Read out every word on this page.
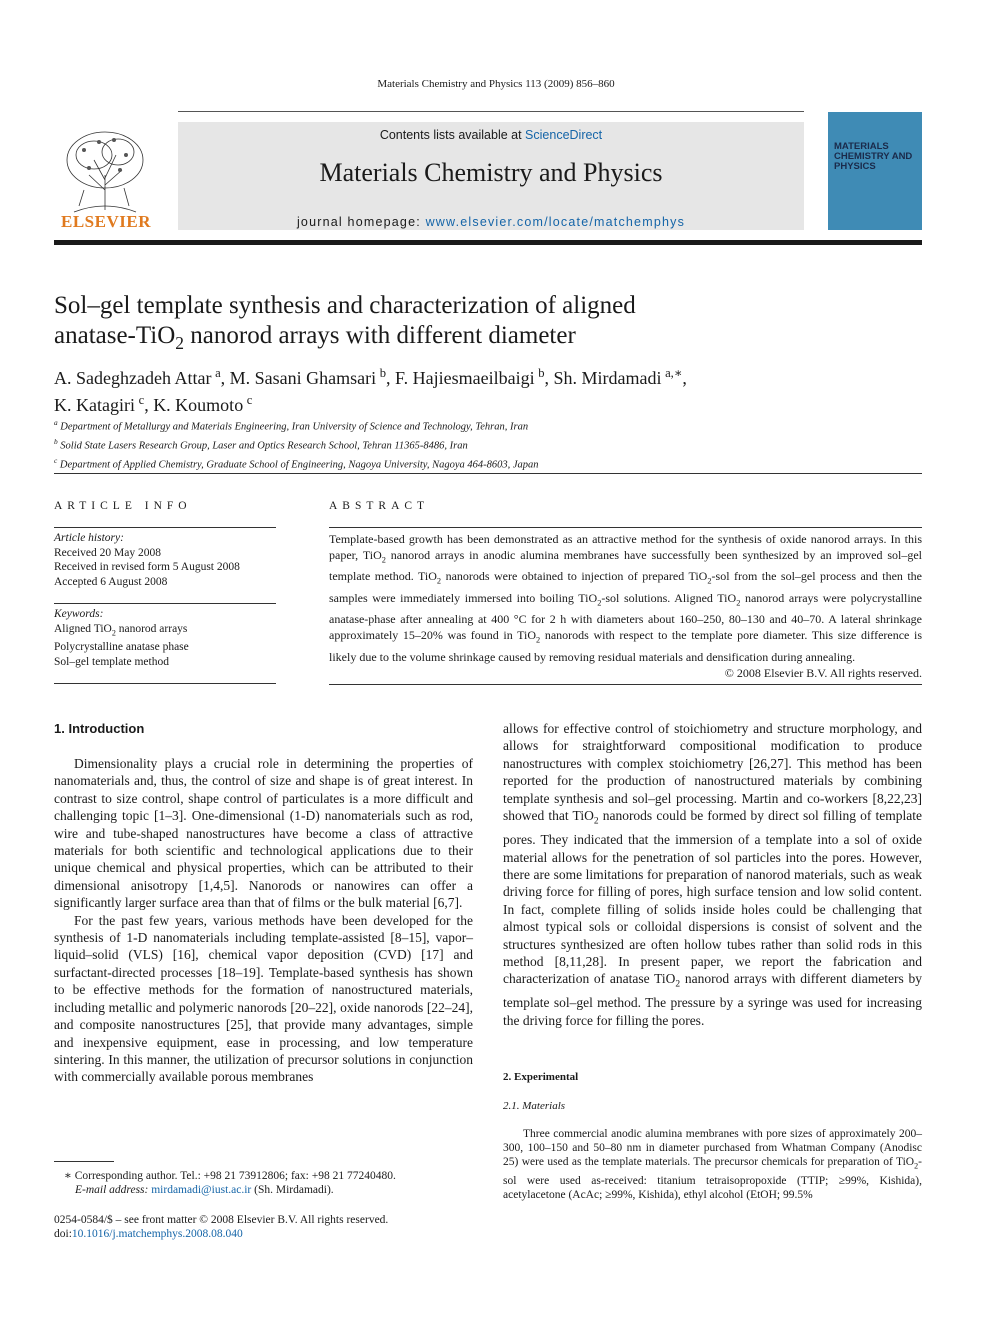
Materials Chemistry and Physics 113 (2009) 856–860
ELSEVIER
Contents lists available at ScienceDirect
Materials Chemistry and Physics
journal homepage: www.elsevier.com/locate/matchemphys
MATERIALS CHEMISTRY AND PHYSICS
Sol–gel template synthesis and characterization of aligned
anatase-TiO$_2$ nanorod arrays with different diameter
A. Sadeghzadeh Attar  $^a$, M. Sasani Ghamsari  $^b$, F. Hajiesmaeilbaigi  $^b$, Sh. Mirdamadi  $^{a,∗}$,
K. Katagiri  $^c$, K. Koumoto  $^c$
$^a$ Department of Metallurgy and Materials Engineering, Iran University of Science and Technology, Tehran, Iran
$^b$ Solid State Lasers Research Group, Laser and Optics Research School, Tehran 11365-8486, Iran
$^c$ Department of Applied Chemistry, Graduate School of Engineering, Nagoya University, Nagoya 464-8603, Japan
ARTICLE INFO
Article history:
Received 20 May 2008
Received in revised form 5 August 2008
Accepted 6 August 2008
Keywords:
Aligned TiO$_2$ nanorod arrays
Polycrystalline anatase phase
Sol–gel template method
ABSTRACT
Template-based growth has been demonstrated as an attractive method for the synthesis of oxide nanorod arrays. In this paper, TiO$_2$ nanorod arrays in anodic alumina membranes have successfully been synthesized by an improved sol–gel template method. TiO$_2$ nanorods were obtained to injection of prepared TiO$_2$-sol from the sol–gel process and then the samples were immediately immersed into boiling TiO$_2$-sol solutions. Aligned TiO$_2$ nanorod arrays were polycrystalline anatase-phase after annealing at 400 °C for 2 h with diameters about 160–250, 80–130 and 40–70. A lateral shrinkage approximately 15–20% was found in TiO$_2$ nanorods with respect to the template pore diameter. This size difference is likely due to the volume shrinkage caused by removing residual materials and densification during annealing.
© 2008 Elsevier B.V. All rights reserved.
1. Introduction

Dimensionality plays a crucial role in determining the properties of nanomaterials and, thus, the control of size and shape is of great interest. In contrast to size control, shape control of particulates is a more difficult and challenging topic [1–3]. One-dimensional (1-D) nanomaterials such as rod, wire and tube-shaped nanostructures have become a class of attractive materials for both scientific and technological applications due to their unique chemical and physical properties, which can be attributed to their dimensional anisotropy [1,4,5]. Nanorods or nanowires can offer a significantly larger surface area than that of films or the bulk material [6,7].

For the past few years, various methods have been developed for the synthesis of 1-D nanomaterials including template-assisted [8–15], vapor–liquid–solid (VLS) [16], chemical vapor deposition (CVD) [17] and surfactant-directed processes [18–19]. Template-based synthesis has shown to be effective methods for the formation of nanostructured materials, including metallic and polymeric nanorods [20–22], oxide nanorods [22–24], and composite nanostructures [25], that provide many advantages, simple and inexpensive equipment, ease in processing, and low temperature sintering. In this manner, the utilization of precursor solutions in conjunction with commercially available porous membranes

allows for effective control of stoichiometry and structure morphology, and allows for straightforward compositional modification to produce nanostructures with complex stoichiometry [26,27]. This method has been reported for the production of nanostructured materials by combining template synthesis and sol–gel processing. Martin and co-workers [8,22,23] showed that TiO$_2$ nanorods could be formed by direct sol filling of template pores. They indicated that the immersion of a template into a sol of oxide material allows for the penetration of sol particles into the pores. However, there are some limitations for preparation of nanorod materials, such as weak driving force for filling of pores, high surface tension and low solid content. In fact, complete filling of solids inside holes could be challenging that almost typical sols or colloidal dispersions is consist of solvent and the structures synthesized are often hollow tubes rather than solid rods in this method [8,11,28]. In present paper, we report the fabrication and characterization of anatase TiO$_2$ nanorod arrays with different diameters by template sol–gel method. The pressure by a syringe was used for increasing the driving force for filling the pores.

2. Experimental
2.1. Materials
Three commercial anodic alumina membranes with pore sizes of approximately 200–300, 100–150 and 50–80 nm in diameter purchased from Whatman Company (Anodisc 25) were used as the template materials. The precursor chemicals for preparation of TiO$_2$-sol were used as-received: titanium tetraisopropoxide (TTIP; ≥99%, Kishida), acetylacetone (AcAc; ≥99%, Kishida), ethyl alcohol (EtOH; 99.5%
∗ Corresponding author. Tel.: +98 21 73912806; fax: +98 21 77240480.
E-mail address: mirdamadi@iust.ac.ir (Sh. Mirdamadi).
0254-0584/$ – see front matter © 2008 Elsevier B.V. All rights reserved.
doi:10.1016/j.matchemphys.2008.08.040
